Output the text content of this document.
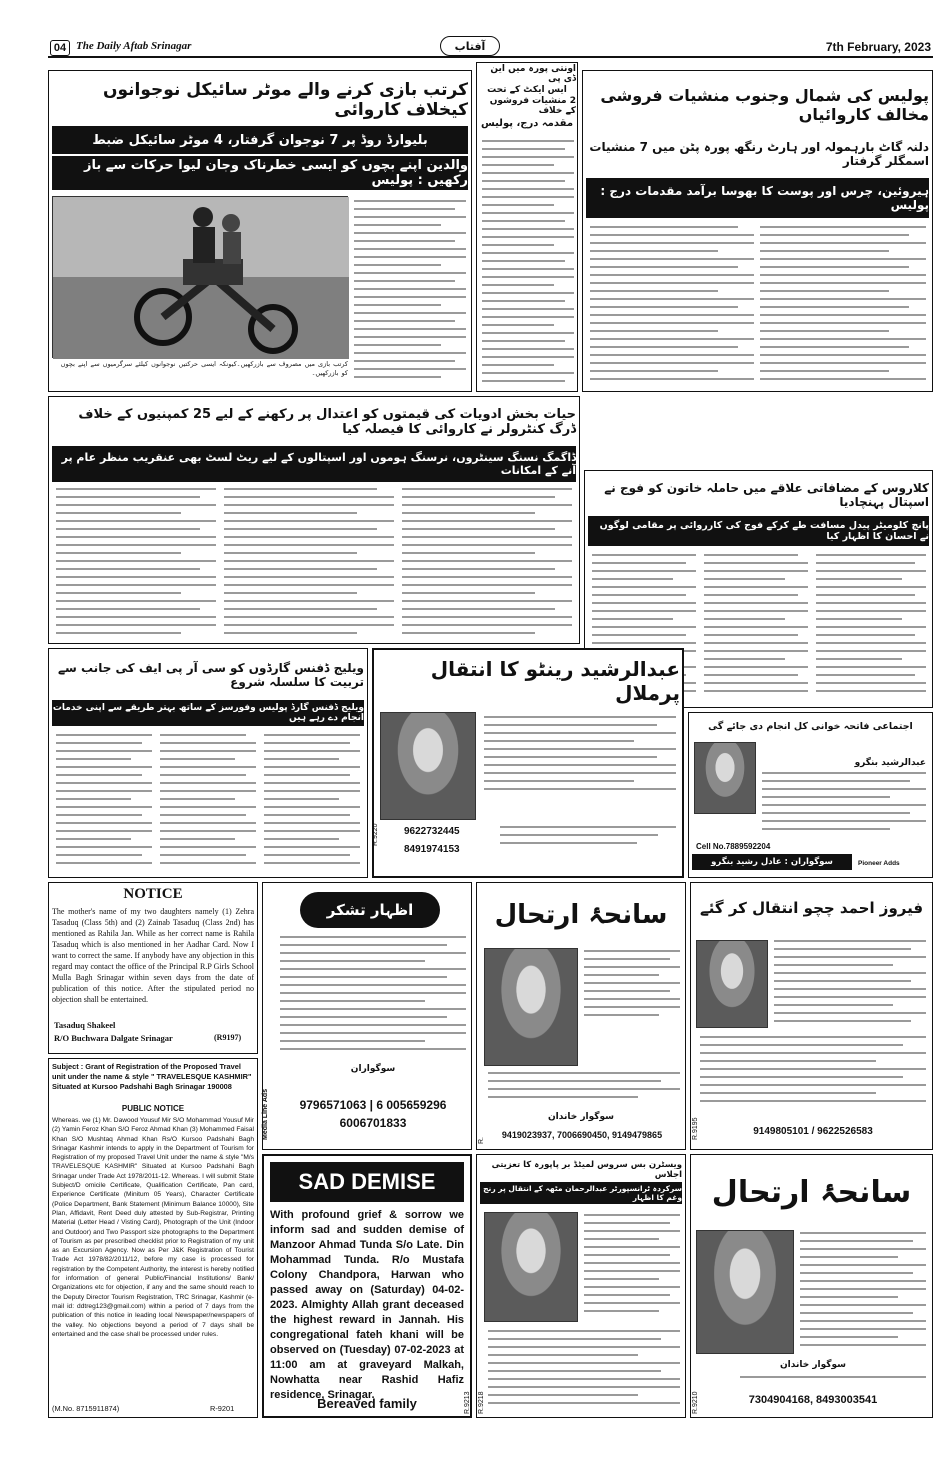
04 The Daily Aftab Srinagar	آفتاب	7th February, 2023
کرتب بازی کرنے والے موٹر سائیکل نوجوانوں کیخلاف کاروائی
بلیوارڈ روڈ پر 7 نوجوان گرفتار، 4 موٹر سائیکل ضبط
والدین اپنے بچوں کو ایسی خطرناک وجان لیوا حرکات سے باز رکھیں : پولیس
کرتب بازی میں مصروف سے بازرکھیں۔کیونکہ ایسی حرکتیں نوجوانوں کیلئے سرگرمیوں سے اپنے بچوں کو بازرکھیں۔
اونتی پورہ میں این ڈی پی
ایس ایکٹ کے تحت
2 منشیات فروشوں کے خلاف
مقدمہ درج، پولیس
پولیس کی شمال وجنوب منشیات فروشی مخالف کاروائیاں
دلنہ گاٹ بارہمولہ اور ہارٹ رنگھ پورہ پٹن میں 7 منشیات اسمگلر گرفتار
ہیروئین، چرس اور پوست کا بھوسا برآمد مقدمات درج : پولیس
حیات بخش ادویات کی قیمتوں کو اعتدال پر رکھنے کے لیے 25 کمپنیوں کے خلاف ڈرگ کنٹرولر نے کاروائی کا فیصلہ کیا
ڈاگمگ نسنگ سینٹروں، نرسنگ ہوموں اور اسپتالوں کے لیے ریٹ لسٹ بھی عنقریب منظر عام پر آنے کے امکانات
کلاروس کے مضافاتی علاقے میں حاملہ خاتون کو فوج نے اسپتال پہنچادیا
پانچ کلومیٹر پیدل مسافت طے کرکے فوج کی کارروائی پر مقامی لوگوں نے احسان کا اظہار کیا
ویلیج ڈفنس گارڈوں کو سی آر پی ایف کی جانب سے تربیت کا سلسلہ شروع
ویلیج ڈفنس گارڈ پولیس وفورسز کے ساتھ بہتر طریقے سے اپنی خدمات انجام دے رہے ہیں
عبدالرشید رینٹو کا انتقال پرملال
9622732445
8491974153
R.9220
اجتماعی فاتحہ خوانی کل انجام دی جائے گی
عبدالرشید بنگرو
Cell No.7889592204
سوگواران : عادل رشید بنگرو	Pioneer Adds
NOTICE
The mother's name of my two daughters namely (1) Zehra Tasaduq (Class 5th) and (2) Zainab Tasaduq (Class 2nd) has mentioned as Rahila Jan. While as her correct name is Rahila Tasaduq which is also mentioned in her Aadhar Card. Now I want to correct the same. If anybody have any objection in this regard may contact the office of the Principal R.P Girls School Mulla Bagh Srinagar within seven days from the date of publication of this notice. After the stipulated period no objection shall be entertained.
Tasaduq Shakeel
R/O Buchwara Dalgate Srinagar	(R9197)
Subject : Grant of Registration of the Proposed Travel unit under the name & style " TRAVELESQUE KASHMIR" Situated at Kursoo Padshahi Bagh Srinagar 190008
PUBLIC NOTICE
Whereas. we (1) Mr. Dawood Yousuf Mir S/O Mohammad Yousuf Mir (2) Yamin Feroz Khan S/O Feroz Ahmad Khan (3) Mohammed Faisal Khan S/O Mushtaq Ahmad Khan Rs/O Kursoo Padshahi Bagh Srinagar Kashmir intends to apply in the Department of Tourism for Registration of my proposed Travel Unit under the name & style "M/s TRAVELESQUE KASHMIR" Situated at Kursoo Padshahi Bagh Srinagar under Trade Act 1978/2011-12. Whereas. I will submit State Subject/D omicile Certificate, Qualification Certificate, Pan card, Experience Certificate (Minitum 05 Years), Character Certificate (Police Department, Bank Statement (Minimum Balance 10000), Site Plan, Affidavit, Rent Deed duly attested by Sub-Registrar, Printing Material (Letter Head / Visting Card), Photograph of the Unit (Indoor and Outdoor) and Two Passport size photographs to the Department of Tourism as per prescribed checklist prior to Registration of my unit as an Excursion Agency. Now as Per J&K Registration of Tourist Trade Act 1978/82/2011/12, before my case is processed for registration by the Competent Authority, the interest is hereby notified for information of general Public/Financial Institutions/ Bank/ Organizations etc for objection, if any and the same should reach to the Deputy Director Tourism Registration, TRC Srinagar, Kashmir (e-mail id: ddtreg123@gmail.com) within a period of 7 days from the publication of this notice in leading local Newspaper/newspapers of the valley. No objections beyond a period of 7 days shall be entertained and the case shall be processed under rules.
(M.No. 8715911874)	R-9201
اظہار تشکر
سوگواران
9796571063 | 6 005659296
6006701833
Media Line Ads
سانحۂ ارتحال
سوگوار خاندان
9419023937, 7006690450, 9149479865
R.
فیروز احمد چچو انتقال کر گئے
9149805101 / 9622526583
R.9195
SAD DEMISE
With profound grief & sorrow we inform sad and sudden demise of Manzoor Ahmad Tunda S/o Late. Din Mohammad Tunda. R/o Mustafa Colony Chandpora, Harwan who passed away on (Saturday) 04-02-2023. Almighty Allah grant deceased the highest reward in Jannah. His congregational fateh khani will be observed on (Tuesday) 07-02-2023 at 11:00 am at graveyard Malkah, Nowhatta near Rashid Hafiz residence, Srinagar.
Bereaved family	R.9213
ویسٹرن بس سروس لمیٹڈ بر پاپورہ کا تعزیتی اجلاس
سرکردہ ٹرانسپورٹر عبدالرحمان مٹھہ کے انتقال پر رنج وغم کا اظہار
R.9218
سانحۂ ارتحال
سوگوار خاندان
7304904168, 8493003541
R.9210
